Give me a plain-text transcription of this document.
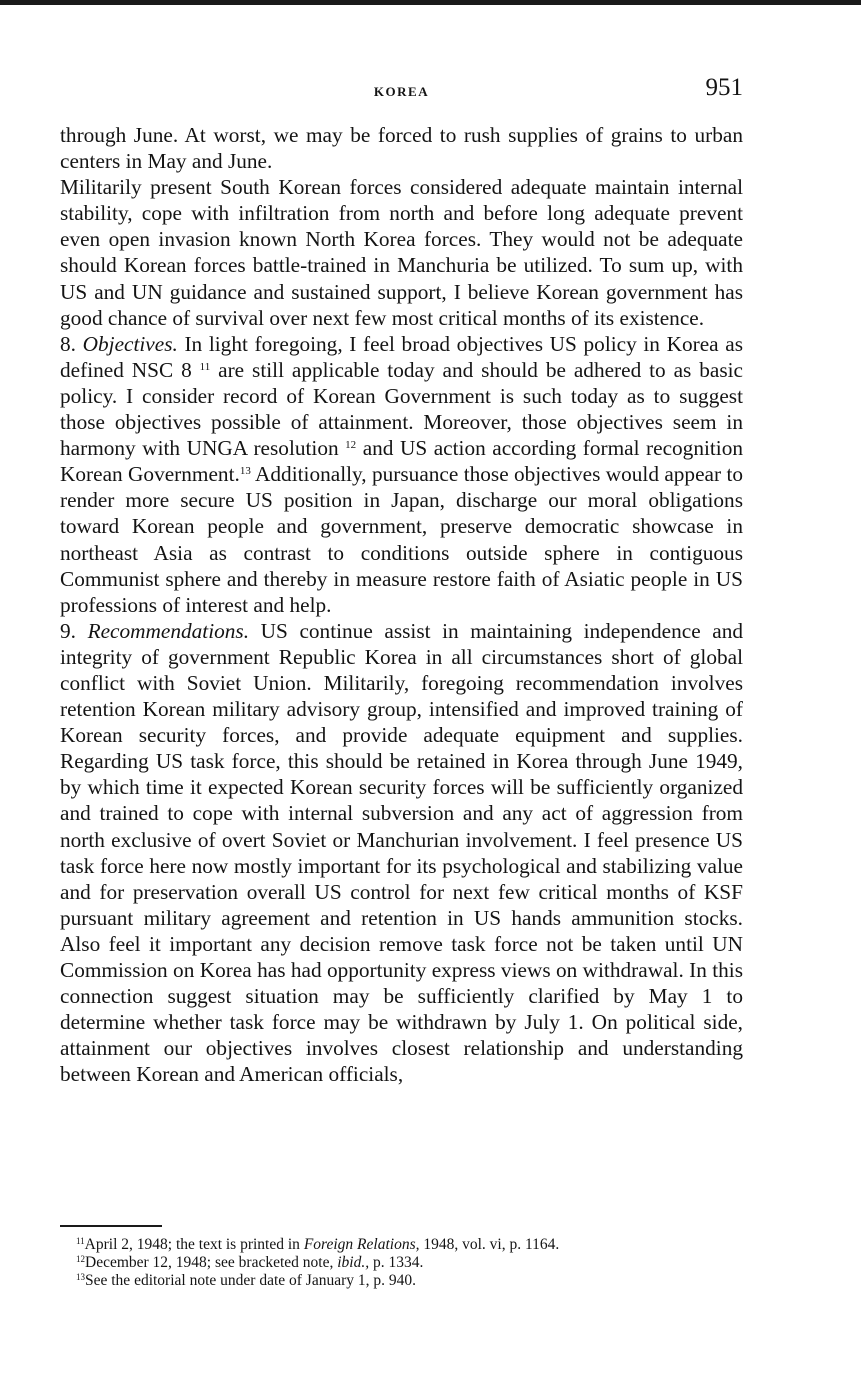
KOREA	951

through June. At worst, we may be forced to rush supplies of grains to urban centers in May and June.

Militarily present South Korean forces considered adequate maintain internal stability, cope with infiltration from north and before long adequate prevent even open invasion known North Korea forces. They would not be adequate should Korean forces battle-trained in Manchuria be utilized. To sum up, with US and UN guidance and sustained support, I believe Korean government has good chance of survival over next few most critical months of its existence.

8. Objectives. In light foregoing, I feel broad objectives US policy in Korea as defined NSC 8 $^{11}$ are still applicable today and should be adhered to as basic policy. I consider record of Korean Government is such today as to suggest those objectives possible of attainment. Moreover, those objectives seem in harmony with UNGA resolution $^{12}$ and US action according formal recognition Korean Government.$^{13}$ Additionally, pursuance those objectives would appear to render more secure US position in Japan, discharge our moral obligations toward Korean people and government, preserve democratic showcase in northeast Asia as contrast to conditions outside sphere in contiguous Communist sphere and thereby in measure restore faith of Asiatic people in US professions of interest and help.

9. Recommendations. US continue assist in maintaining independence and integrity of government Republic Korea in all circumstances short of global conflict with Soviet Union. Militarily, foregoing recommendation involves retention Korean military advisory group, intensified and improved training of Korean security forces, and provide adequate equipment and supplies. Regarding US task force, this should be retained in Korea through June 1949, by which time it expected Korean security forces will be sufficiently organized and trained to cope with internal subversion and any act of aggression from north exclusive of overt Soviet or Manchurian involvement. I feel presence US task force here now mostly important for its psychological and stabilizing value and for preservation overall US control for next few critical months of KSF pursuant military agreement and retention in US hands ammunition stocks. Also feel it important any decision remove task force not be taken until UN Commission on Korea has had opportunity express views on withdrawal. In this connection suggest situation may be sufficiently clarified by May 1 to determine whether task force may be withdrawn by July 1. On political side, attainment our objectives involves closest relationship and understanding between Korean and American officials,

$^{11}$April 2, 1948; the text is printed in Foreign Relations, 1948, vol. vi, p. 1164.

$^{12}$December 12, 1948; see bracketed note, ibid., p. 1334.

$^{13}$See the editorial note under date of January 1, p. 940.
